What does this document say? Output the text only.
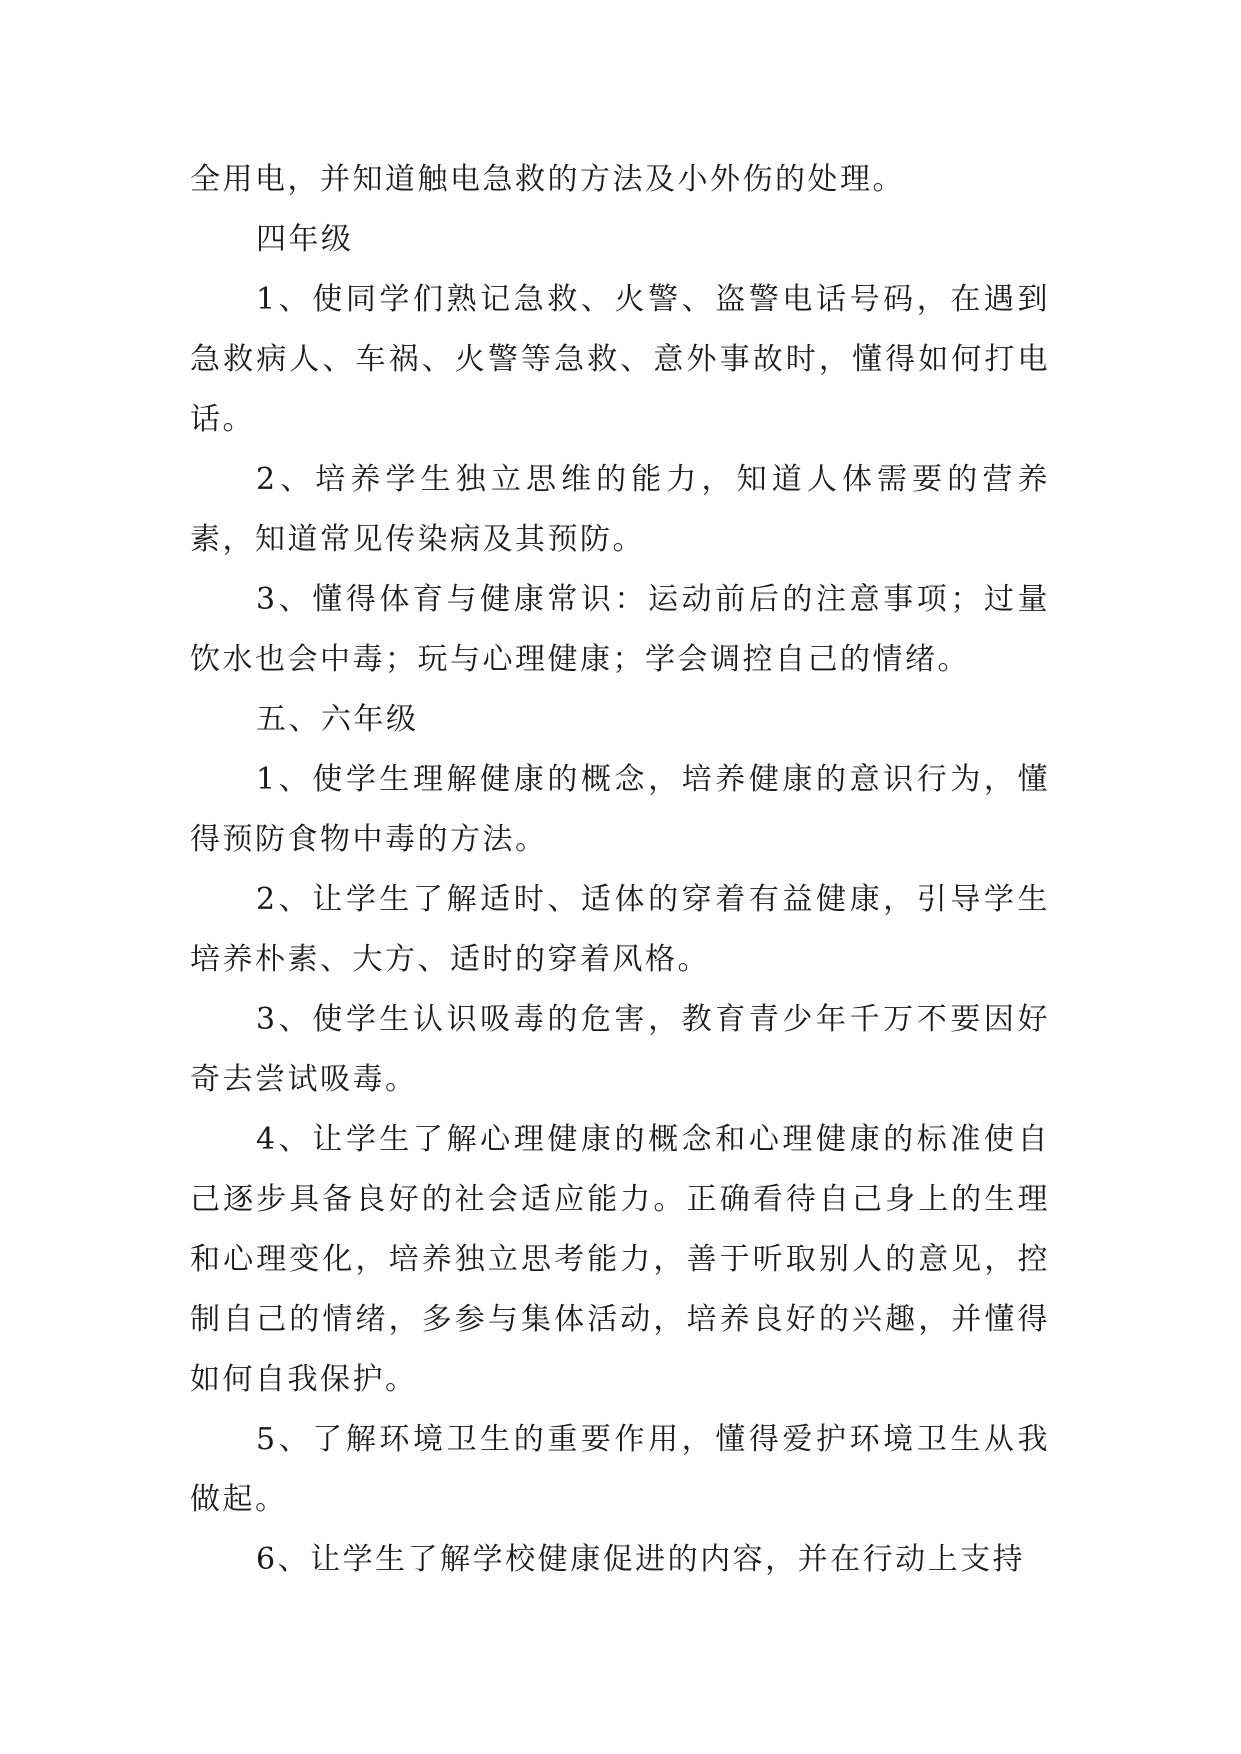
全用电，并知道触电急救的方法及小外伤的处理。

四年级

1、使同学们熟记急救、火警、盗警电话号码，在遇到急救病人、车祸、火警等急救、意外事故时，懂得如何打电话。

2、培养学生独立思维的能力，知道人体需要的营养素，知道常见传染病及其预防。

3、懂得体育与健康常识：运动前后的注意事项；过量饮水也会中毒；玩与心理健康；学会调控自己的情绪。

五、六年级

1、使学生理解健康的概念，培养健康的意识行为，懂得预防食物中毒的方法。

2、让学生了解适时、适体的穿着有益健康，引导学生培养朴素、大方、适时的穿着风格。

3、使学生认识吸毒的危害，教育青少年千万不要因好奇去尝试吸毒。

4、让学生了解心理健康的概念和心理健康的标准使自己逐步具备良好的社会适应能力。正确看待自己身上的生理和心理变化，培养独立思考能力，善于听取别人的意见，控制自己的情绪，多参与集体活动，培养良好的兴趣，并懂得如何自我保护。

5、了解环境卫生的重要作用，懂得爱护环境卫生从我做起。

6、让学生了解学校健康促进的内容，并在行动上支持
